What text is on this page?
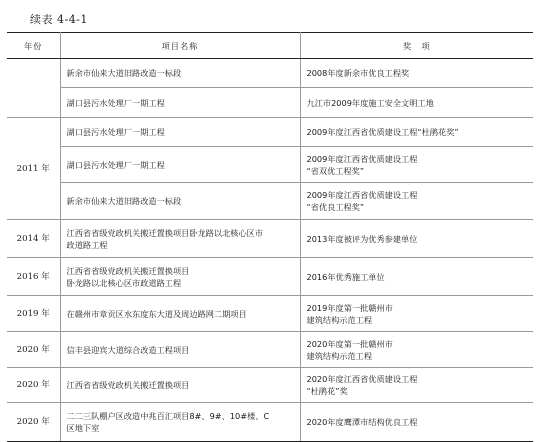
续表 4-4-1
年份	项目名称	奖　项

	新余市仙来大道旧路改造一标段	2008年度新余市优良工程奖

	湖口县污水处理厂一期工程	九江市2009年度施工安全文明工地

2011 年	湖口县污水处理厂一期工程	2009年度江西省优质建设工程“杜鹃花奖”

	湖口县污水处理厂一期工程	2009年度江西省优质建设工程
“省双优工程奖”

	新余市仙来大道旧路改造一标段	2009年度江西省优质建设工程
“省优良工程奖”

2014 年	江西省省级党政机关搬迁置换项目卧龙路以北核心区市
政道路工程	2013年度被评为优秀参建单位

2016 年	江西省省级党政机关搬迁置换项目
卧龙路以北核心区市政道路工程	2016年优秀施工单位

2019 年	在赣州市章贡区水东度东大道及周边路网二期项目	2019年度第一批赣州市
建筑结构示范工程

2020 年	信丰县迎宾大道综合改造工程项目	2020年度第一批赣州市
建筑结构示范工程

2020 年	江西省省级党政机关搬迁置换项目	2020年度江西省优质建设工程
“杜鹃花”奖

2020 年	二二三队棚户区改造中兆百汇项目8#、9#、10#楼、C
区地下室	2020年度鹰潭市结构优良工程
